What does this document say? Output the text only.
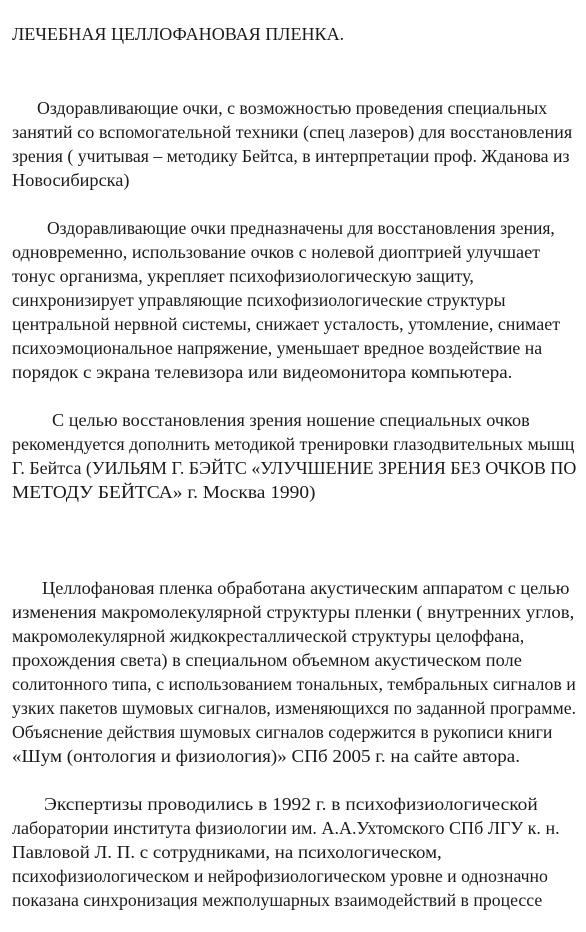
ЛЕЧЕБНАЯ ЦЕЛЛОФАНОВАЯ ПЛЕНКА.
Оздоравливающие очки, с возможностью проведения специальных
занятий со вспомогательной техники (спец лазеров) для восстановления
зрения ( учитывая – методику Бейтса, в интерпретации проф. Жданова из
Новосибирска)
Оздоравливающие очки предназначены для восстановления зрения,
одновременно, использование очков с нолевой диоптрией улучшает
тонус организма, укрепляет психофизиологическую защиту,
синхронизирует управляющие психофизиологические структуры
центральной нервной системы, снижает усталость, утомление, снимает
психоэмоциональное напряжение, уменьшает вредное воздействие на
порядок с экрана телевизора или видеомонитора компьютера.
С целью восстановления зрения ношение специальных очков
рекомендуется дополнить методикой тренировки глазодвительных мышц
Г. Бейтса (УИЛЬЯМ Г. БЭЙТС «УЛУЧШЕНИЕ ЗРЕНИЯ БЕЗ ОЧКОВ ПО
МЕТОДУ БЕЙТСА» г. Москва 1990)
Целлофановая пленка обработана акустическим аппаратом с целью
изменения макромолекулярной структуры пленки ( внутренних углов,
макромолекулярной жидкокресталлической структуры целоффана,
прохождения света) в специальном объемном акустическом поле
солитонного типа, с использованием тональных, тембральных сигналов и
узких пакетов шумовых сигналов, изменяющихся по заданной программе.
Объяснение действия шумовых сигналов содержится в рукописи книги
«Шум (онтология и физиология)» СПб 2005 г. на сайте автора.
Экспертизы проводились в 1992 г. в психофизиологической
лаборатории института физиологии им. А.А.Ухтомского СПб ЛГУ к. н.
Павловой Л. П. с сотрудниками, на психологическом,
психофизиологическом и нейрофизиологическом уровне и однозначно
показана синхронизация межполушарных взаимодействий в процессе
